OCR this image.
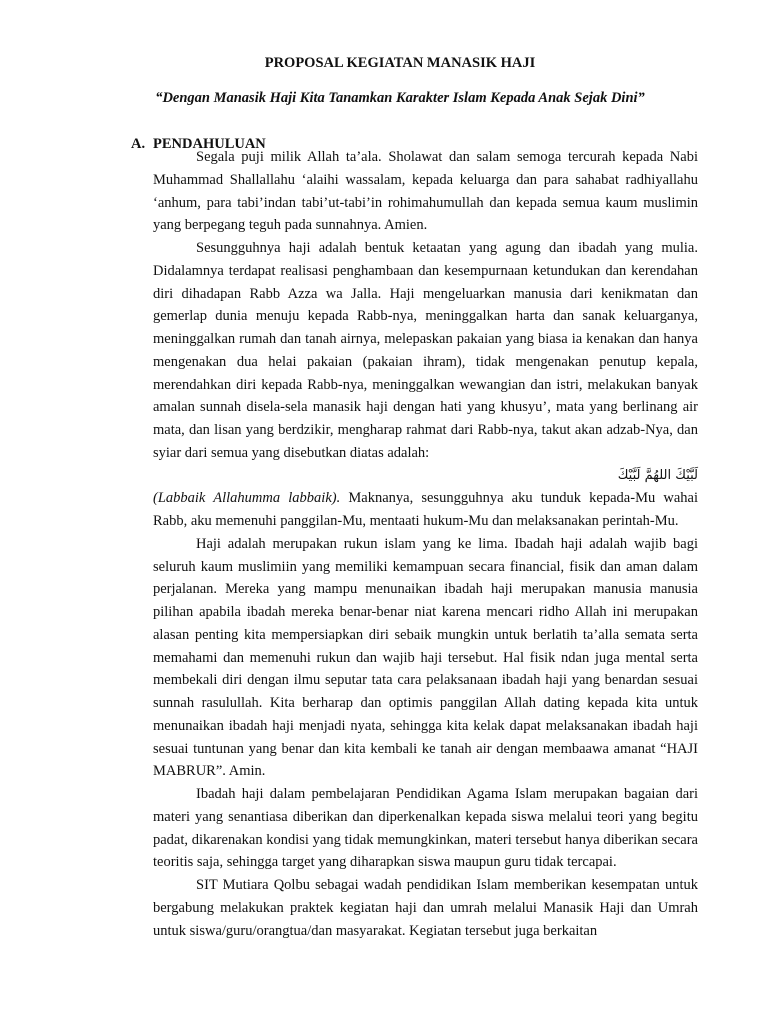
PROPOSAL KEGIATAN MANASIK HAJI
“Dengan Manasik Haji Kita Tanamkan Karakter Islam Kepada Anak Sejak Dini”
A. PENDAHULUAN

Segala puji milik Allah ta’ala. Sholawat dan salam semoga tercurah kepada Nabi Muhammad Shallallahu ‘alaihi wassalam, kepada keluarga dan para sahabat radhiyallahu ‘anhum, para tabi’indan tabi’ut-tabi’in rohimahumullah dan kepada semua kaum muslimin yang berpegang teguh pada sunnahnya. Amien.

Sesungguhnya haji adalah bentuk ketaatan yang agung dan ibadah yang mulia. Didalamnya terdapat realisasi penghambaan dan kesempurnaan ketundukan dan kerendahan diri dihadapan Rabb Azza wa Jalla. Haji mengeluarkan manusia dari kenikmatan dan gemerlap dunia menuju kepada Rabb-nya, meninggalkan harta dan sanak keluarganya, meninggalkan rumah dan tanah airnya, melepaskan pakaian yang biasa ia kenakan dan hanya mengenakan dua helai pakaian (pakaian ihram), tidak mengenakan penutup kepala, merendahkan diri kepada Rabb-nya, meninggalkan wewangian dan istri, melakukan banyak amalan sunnah disela-sela manasik haji dengan hati yang khusyu’, mata yang berlinang air mata, dan lisan yang berdzikir, mengharap rahmat dari Rabb-nya, takut akan adzab-Nya, dan syiar dari semua yang disebutkan diatas adalah:

لَبَّيْكَ اللهُمَّ لَبَّيْكَ

(Labbaik Allahumma labbaik). Maknanya, sesungguhnya aku tunduk kepada-Mu wahai Rabb, aku memenuhi panggilan-Mu, mentaati hukum-Mu dan melaksanakan perintah-Mu.

Haji adalah merupakan rukun islam yang ke lima. Ibadah haji adalah wajib bagi seluruh kaum muslimiin yang memiliki kemampuan secara financial, fisik dan aman dalam perjalanan. Mereka yang mampu menunaikan ibadah haji merupakan manusia manusia pilihan apabila ibadah mereka benar-benar niat karena mencari ridho Allah ini merupakan alasan penting kita mempersiapkan diri sebaik mungkin untuk berlatih ta’alla semata serta memahami dan memenuhi rukun dan wajib haji tersebut. Hal fisik ndan juga mental serta membekali diri dengan ilmu seputar tata cara pelaksanaan ibadah haji yang benardan sesuai sunnah rasulullah. Kita berharap dan optimis panggilan Allah dating kepada kita untuk menunaikan ibadah haji menjadi nyata, sehingga kita kelak dapat melaksanakan ibadah haji sesuai tuntunan yang benar dan kita kembali ke tanah air dengan membaawa amanat “HAJI MABRUR”. Amin.

Ibadah haji dalam pembelajaran Pendidikan Agama Islam merupakan bagaian dari materi yang senantiasa diberikan dan diperkenalkan kepada siswa melalui teori yang begitu padat, dikarenakan kondisi yang tidak memungkinkan, materi tersebut hanya diberikan secara teoritis saja, sehingga target yang diharapkan siswa maupun guru tidak tercapai.

SIT Mutiara Qolbu sebagai wadah pendidikan Islam memberikan kesempatan untuk bergabung melakukan praktek kegiatan haji dan umrah melalui Manasik Haji dan Umrah untuk siswa/guru/orangtua/dan masyarakat. Kegiatan tersebut juga berkaitan
